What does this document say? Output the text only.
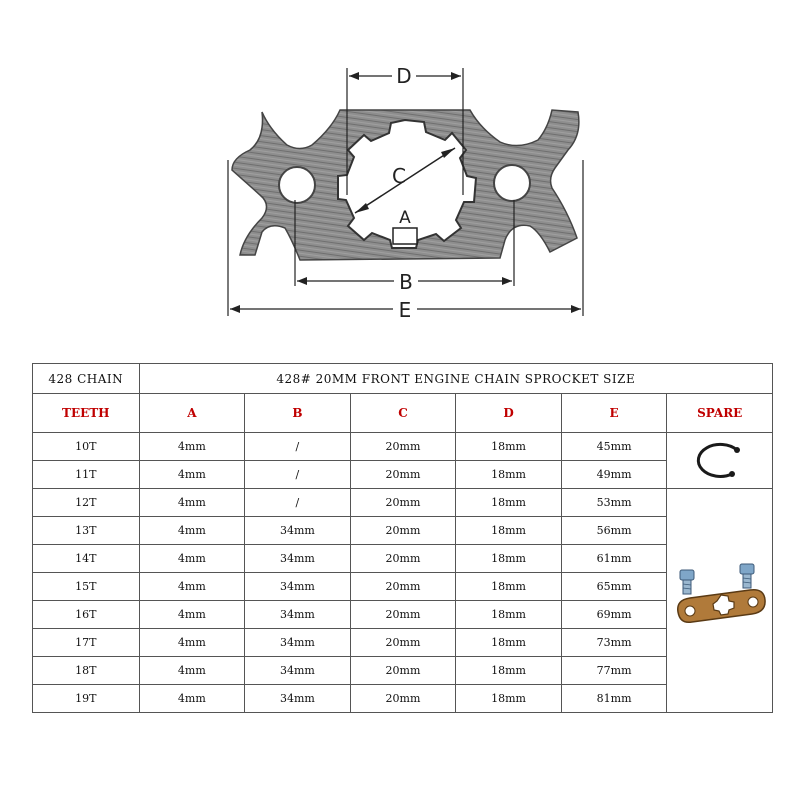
D
C
A
B
E
428 CHAIN	428# 20MM FRONT ENGINE CHAIN SPROCKET SIZE					
TEETH	A	B	C	D	E	SPARE
10T	4mm	/	20mm	18mm	45mm	
11T	4mm	/	20mm	18mm	49mm	
12T	4mm	/	20mm	18mm	53mm	
13T	4mm	34mm	20mm	18mm	56mm	
14T	4mm	34mm	20mm	18mm	61mm	
15T	4mm	34mm	20mm	18mm	65mm	
16T	4mm	34mm	20mm	18mm	69mm	
17T	4mm	34mm	20mm	18mm	73mm	
18T	4mm	34mm	20mm	18mm	77mm	
19T	4mm	34mm	20mm	18mm	81mm	
